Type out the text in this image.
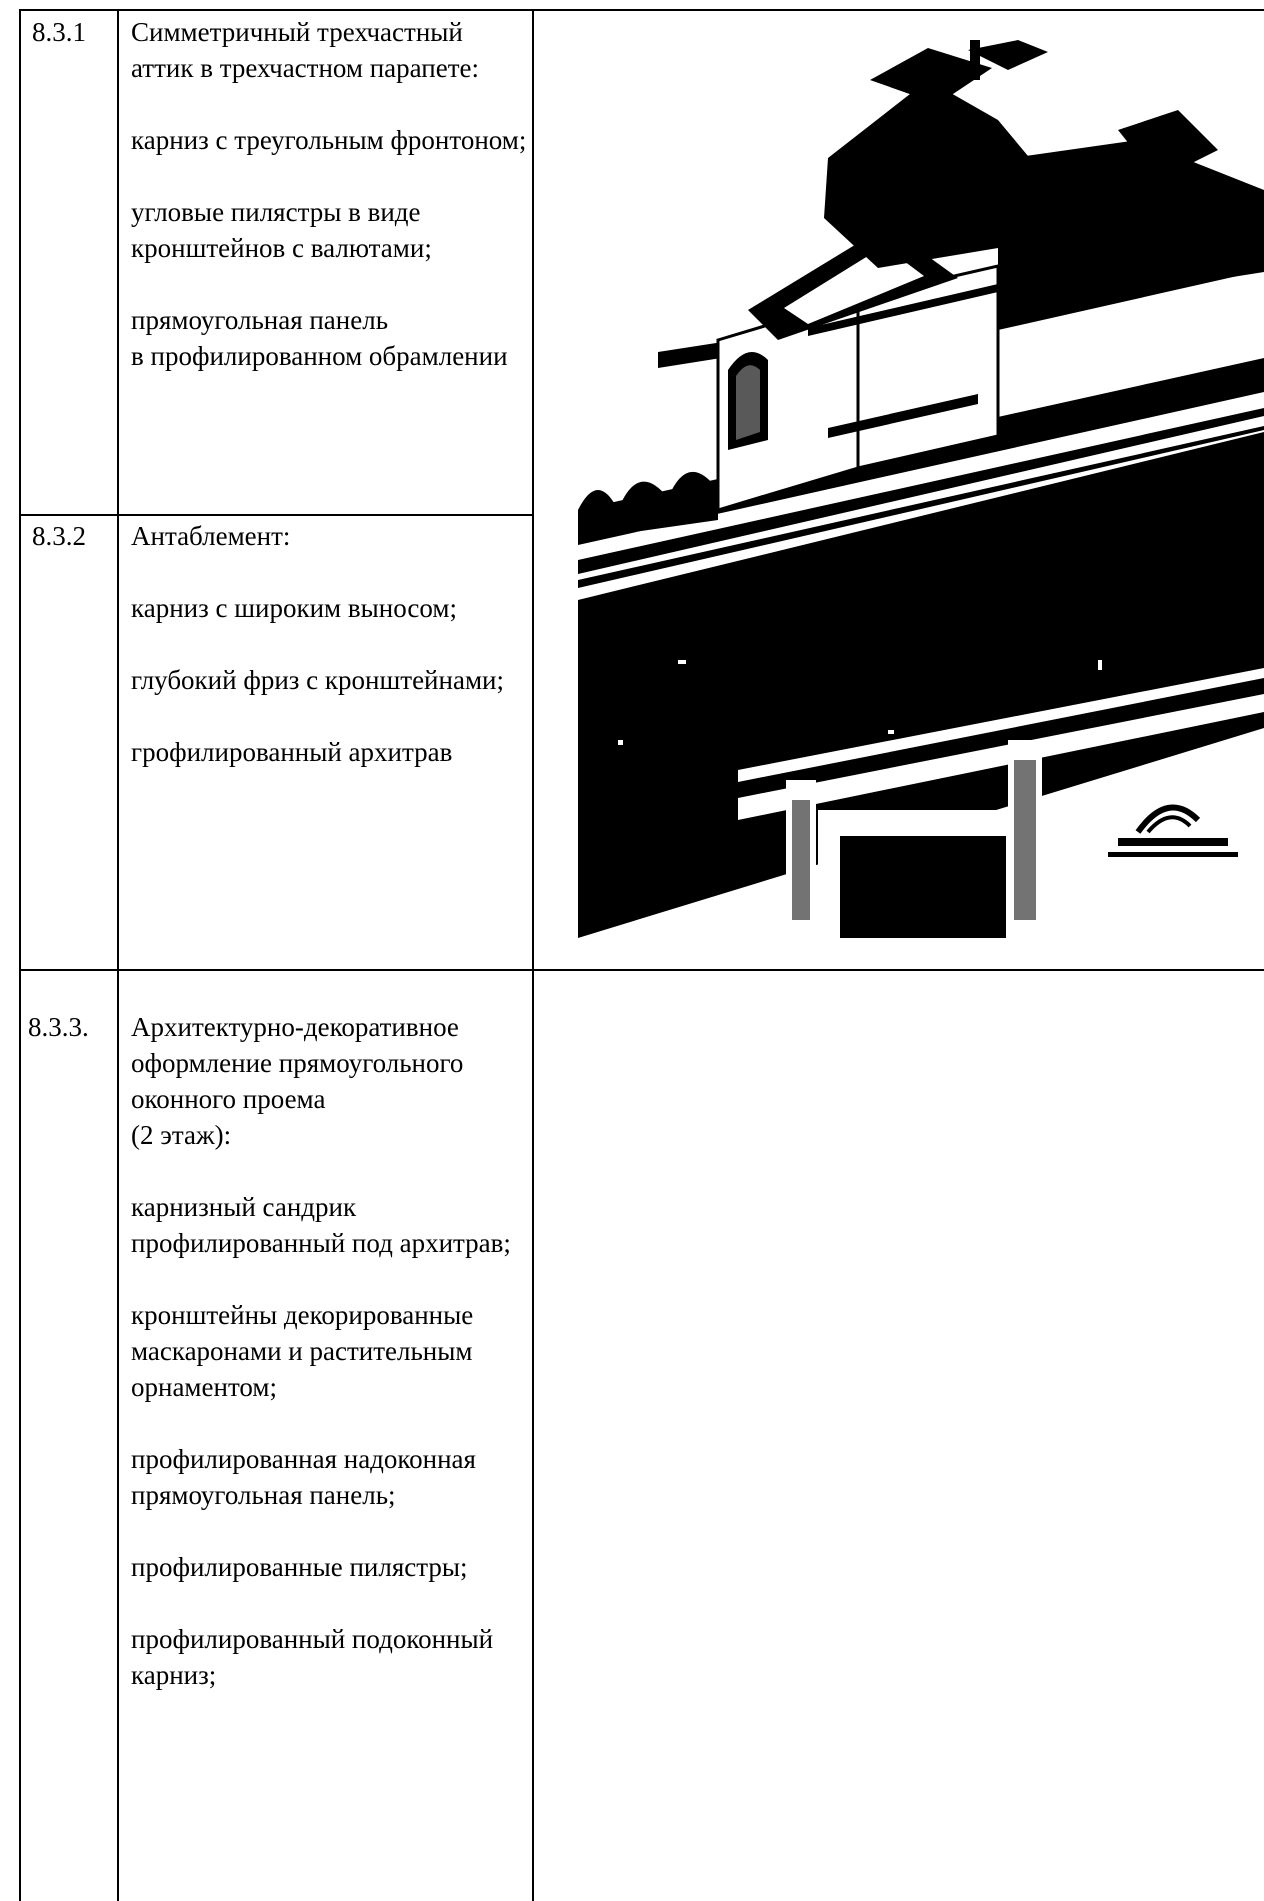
8.3.1 Симметричный трехчастный аттик в трехчастном парапете:

карниз с треугольным фронтоном;

угловые пилястры в виде кронштейнов с валютами;

прямоугольная панель
в профилированном обрамлении

8.3.2 Антаблемент:

карниз с широким выносом;

глубокий фриз с кронштейнами;

грофилированный архитрав

8.3.3. Архитектурно-декоративное оформление прямоугольного оконного проема
(2 этаж):

карнизный сандрик профилированный под архитрав;

кронштейны декорированные маскаронами и растительным орнаментом;

профилированная надоконная прямоугольная панель;

профилированные пилястры;

профилированный подоконный карниз;
